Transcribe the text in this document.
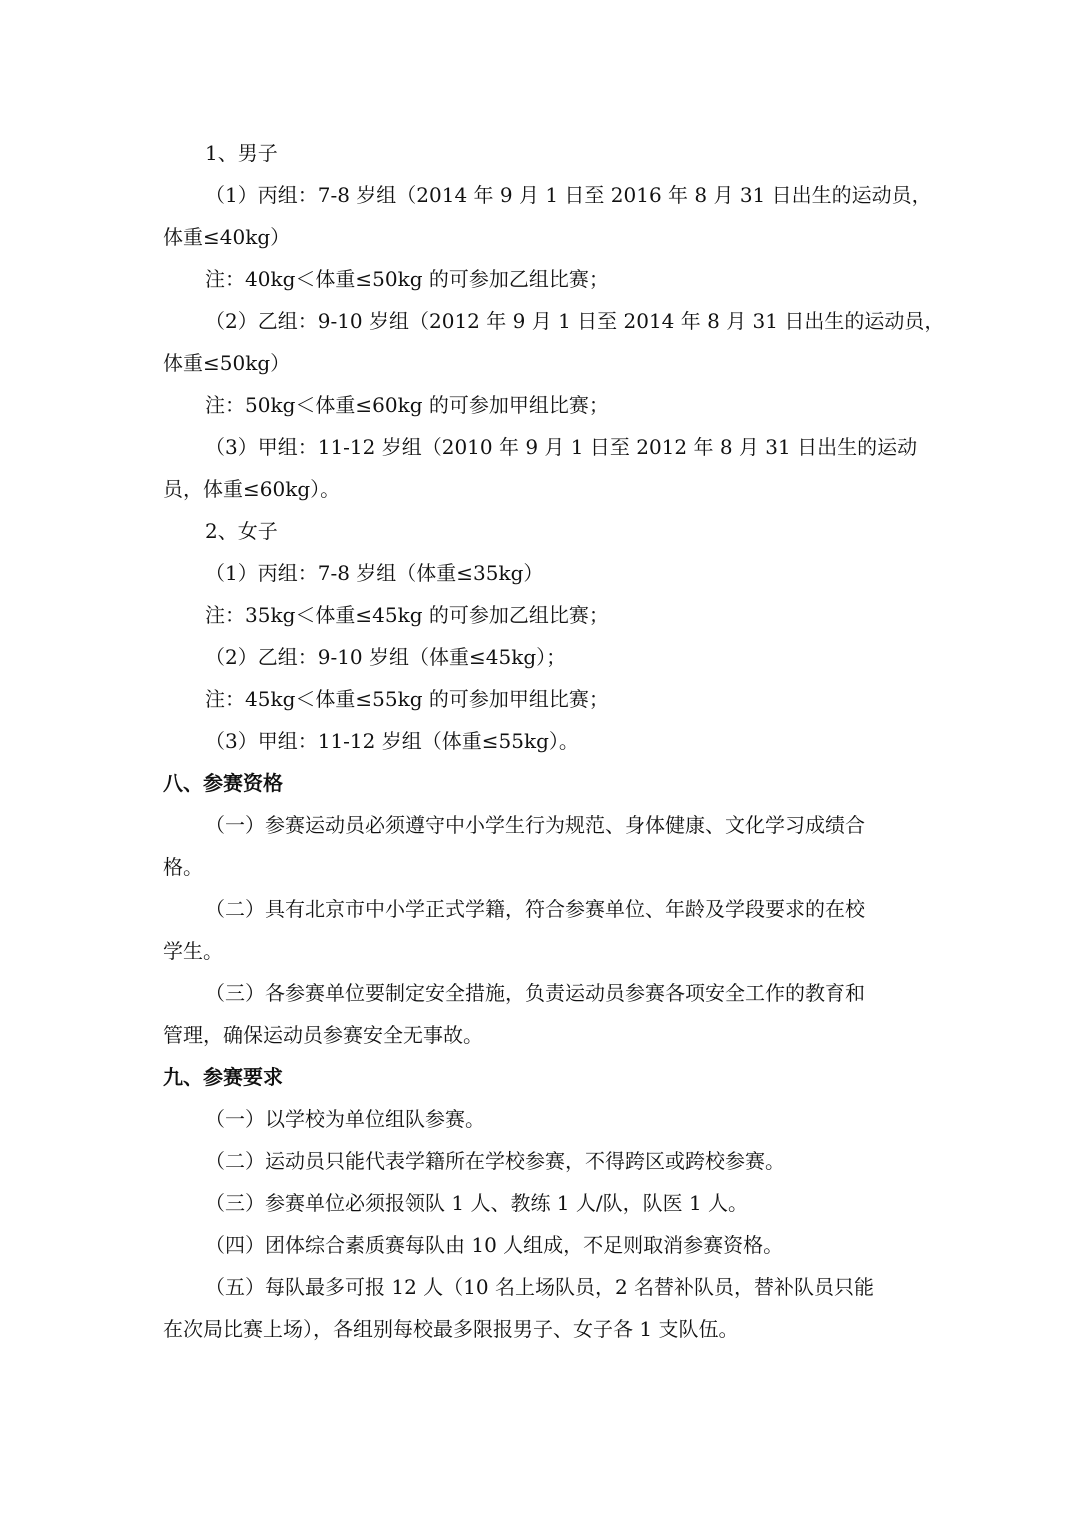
1、男子
（1）丙组：7-8 岁组（2014 年 9 月 1 日至 2016 年 8 月 31 日出生的运动员，
体重≤40kg）
注：40kg＜体重≤50kg 的可参加乙组比赛；
（2）乙组：9-10 岁组（2012 年 9 月 1 日至 2014 年 8 月 31 日出生的运动员，
体重≤50kg）
注：50kg＜体重≤60kg 的可参加甲组比赛；
（3）甲组：11-12 岁组（2010 年 9 月 1 日至 2012 年 8 月 31 日出生的运动
员，体重≤60kg）。
2、女子
（1）丙组：7-8 岁组（体重≤35kg）
注：35kg＜体重≤45kg 的可参加乙组比赛；
（2）乙组：9-10 岁组（体重≤45kg）；
注：45kg＜体重≤55kg 的可参加甲组比赛；
（3）甲组：11-12 岁组（体重≤55kg）。
八、参赛资格
（一）参赛运动员必须遵守中小学生行为规范、身体健康、文化学习成绩合
格。
（二）具有北京市中小学正式学籍，符合参赛单位、年龄及学段要求的在校
学生。
（三）各参赛单位要制定安全措施，负责运动员参赛各项安全工作的教育和
管理，确保运动员参赛安全无事故。
九、参赛要求
（一）以学校为单位组队参赛。
（二）运动员只能代表学籍所在学校参赛，不得跨区或跨校参赛。
（三）参赛单位必须报领队 1 人、教练 1 人/队，队医 1 人。
（四）团体综合素质赛每队由 10 人组成，不足则取消参赛资格。
（五）每队最多可报 12 人（10 名上场队员，2 名替补队员，替补队员只能
在次局比赛上场），各组别每校最多限报男子、女子各 1 支队伍。
